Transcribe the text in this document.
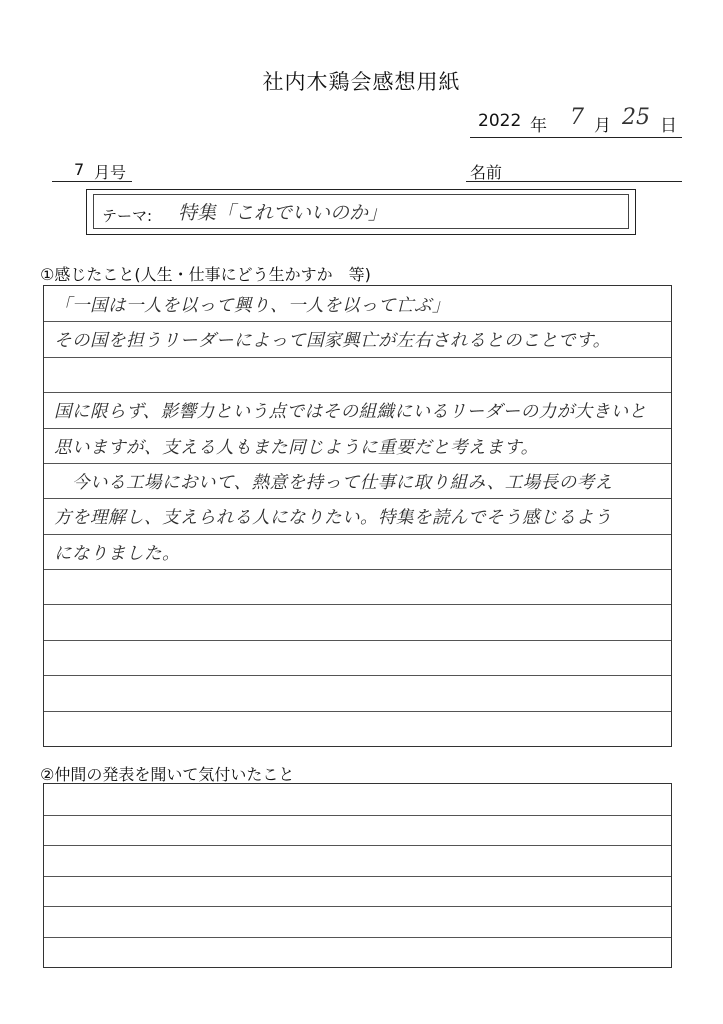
社内木鶏会感想用紙
2022 年 7 月 25 日
7 月号	名前
テーマ: 特集「これでいいのか」
①感じたこと(人生・仕事にどう生かすか　等)
「一国は一人を以って興り、一人を以って亡ぶ」
その国を担うリーダーによって国家興亡が左右されるとのことです。
国に限らず、影響力という点ではその組織にいるリーダーの力が大きいと
思いますが、支える人もまた同じように重要だと考えます。
　今いる工場において、熱意を持って仕事に取り組み、工場長の考え
方を理解し、支えられる人になりたい。特集を読んでそう感じるよう
になりました。
②仲間の発表を聞いて気付いたこと
